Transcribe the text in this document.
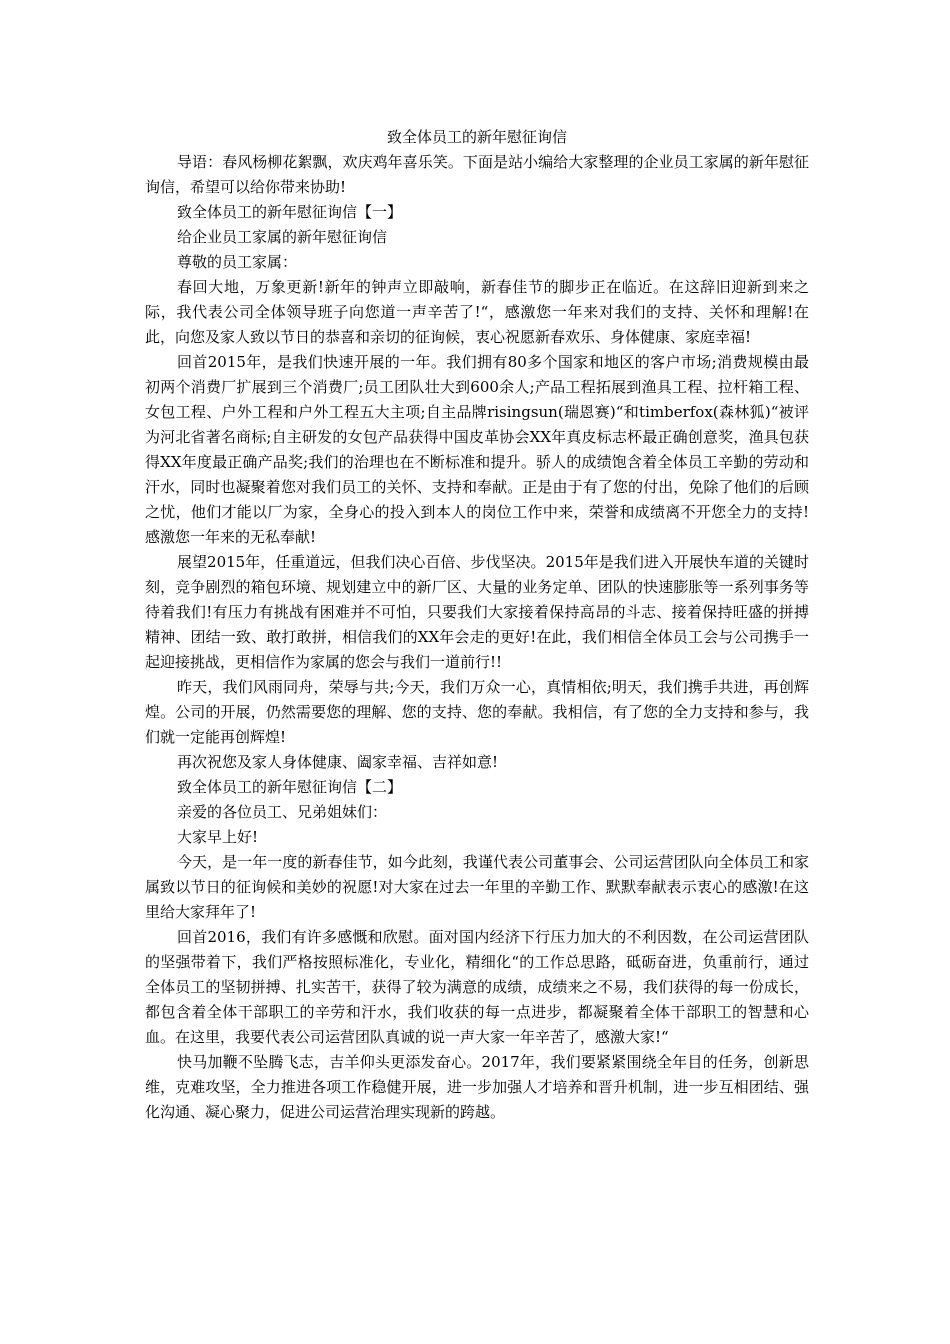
致全体员工的新年慰征询信

导语：春风杨柳花絮飘，欢庆鸡年喜乐笑。下面是站小编给大家整理的企业员工家属的新年慰征询信，希望可以给你带来协助!

致全体员工的新年慰征询信【一】

给企业员工家属的新年慰征询信

尊敬的员工家属：

春回大地，万象更新!新年的钟声立即敲响，新春佳节的脚步正在临近。在这辞旧迎新到来之际，我代表公司全体领导班子向您道一声辛苦了!“，感激您一年来对我们的支持、关怀和理解!在此，向您及家人致以节日的恭喜和亲切的征询候，衷心祝愿新春欢乐、身体健康、家庭幸福!

回首2015年，是我们快速开展的一年。我们拥有80多个国家和地区的客户市场;消费规模由最初两个消费厂扩展到三个消费厂;员工团队壮大到600余人;产品工程拓展到渔具工程、拉杆箱工程、女包工程、户外工程和户外工程五大主项;自主品牌risingsun(瑞恩赛)“和timberfox(森林狐)“被评为河北省著名商标;自主研发的女包产品获得中国皮革协会XX年真皮标志杯最正确创意奖，渔具包获得XX年度最正确产品奖;我们的治理也在不断标准和提升。骄人的成绩饱含着全体员工辛勤的劳动和汗水，同时也凝聚着您对我们员工的关怀、支持和奉献。正是由于有了您的付出，免除了他们的后顾之忧，他们才能以厂为家，全身心的投入到本人的岗位工作中来，荣誉和成绩离不开您全力的支持!感激您一年来的无私奉献!

展望2015年，任重道远，但我们决心百倍、步伐坚决。2015年是我们进入开展快车道的关键时刻，竞争剧烈的箱包环境、规划建立中的新厂区、大量的业务定单、团队的快速膨胀等一系列事务等待着我们!有压力有挑战有困难并不可怕，只要我们大家接着保持高昂的斗志、接着保持旺盛的拼搏精神、团结一致、敢打敢拼，相信我们的XX年会走的更好!在此，我们相信全体员工会与公司携手一起迎接挑战，更相信作为家属的您会与我们一道前行!!

昨天，我们风雨同舟，荣辱与共;今天，我们万众一心，真情相依;明天，我们携手共进，再创辉煌。公司的开展，仍然需要您的理解、您的支持、您的奉献。我相信，有了您的全力支持和参与，我们就一定能再创辉煌!

再次祝您及家人身体健康、阖家幸福、吉祥如意!

致全体员工的新年慰征询信【二】

亲爱的各位员工、兄弟姐妹们：

大家早上好!

今天，是一年一度的新春佳节，如今此刻，我谨代表公司董事会、公司运营团队向全体员工和家属致以节日的征询候和美妙的祝愿!对大家在过去一年里的辛勤工作、默默奉献表示衷心的感激!在这里给大家拜年了!

回首2016，我们有许多感慨和欣慰。面对国内经济下行压力加大的不利因数，在公司运营团队的坚强带着下，我们严格按照标准化，专业化，精细化“的工作总思路，砥砺奋进，负重前行，通过全体员工的坚韧拼搏、扎实苦干，获得了较为满意的成绩，成绩来之不易，我们获得的每一份成长，都包含着全体干部职工的辛劳和汗水，我们收获的每一点进步，都凝聚着全体干部职工的智慧和心血。在这里，我要代表公司运营团队真诚的说一声大家一年辛苦了，感激大家!“

快马加鞭不坠腾飞志，吉羊仰头更添发奋心。2017年，我们要紧紧围绕全年目的任务，创新思维，克难攻坚，全力推进各项工作稳健开展，进一步加强人才培养和晋升机制，进一步互相团结、强化沟通、凝心聚力，促进公司运营治理实现新的跨越。
